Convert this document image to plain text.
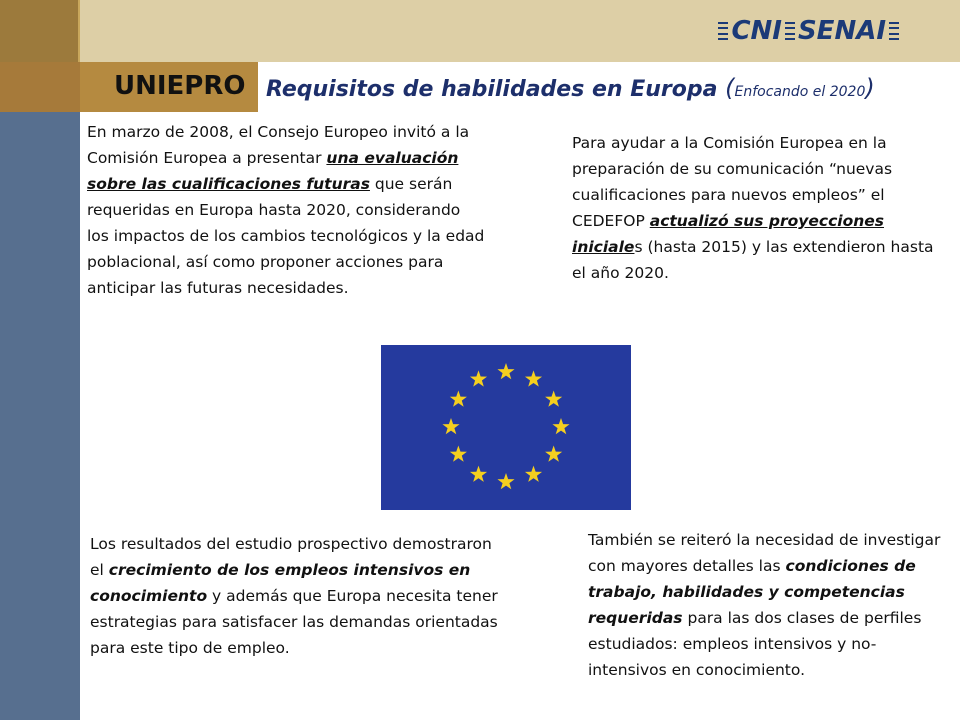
CNI SENAI
UNIEPRO Requisitos de habilidades en Europa (Enfocando el 2020)
En marzo de 2008, el Consejo Europeo invitó a la Comisión Europea a presentar una evaluación sobre las cualificaciones futuras que serán requeridas en Europa hasta 2020, considerando los impactos de los cambios tecnológicos y la edad poblacional, así como proponer acciones para anticipar las futuras necesidades.
Para ayudar a la Comisión Europea en la preparación de su comunicación “nuevas cualificaciones para nuevos empleos” el CEDEFOP actualizó sus proyecciones iniciales (hasta 2015) y las extendieron hasta el año 2020.
Los resultados del estudio prospectivo demostraron el crecimiento de los empleos intensivos en conocimiento y además que Europa necesita tener estrategias para satisfacer las demandas orientadas para este tipo de empleo.
También se reiteró la necesidad de investigar con mayores detalles las condiciones de trabajo, habilidades y competencias requeridas para las dos clases de perfiles estudiados: empleos intensivos y no-intensivos en conocimiento.
